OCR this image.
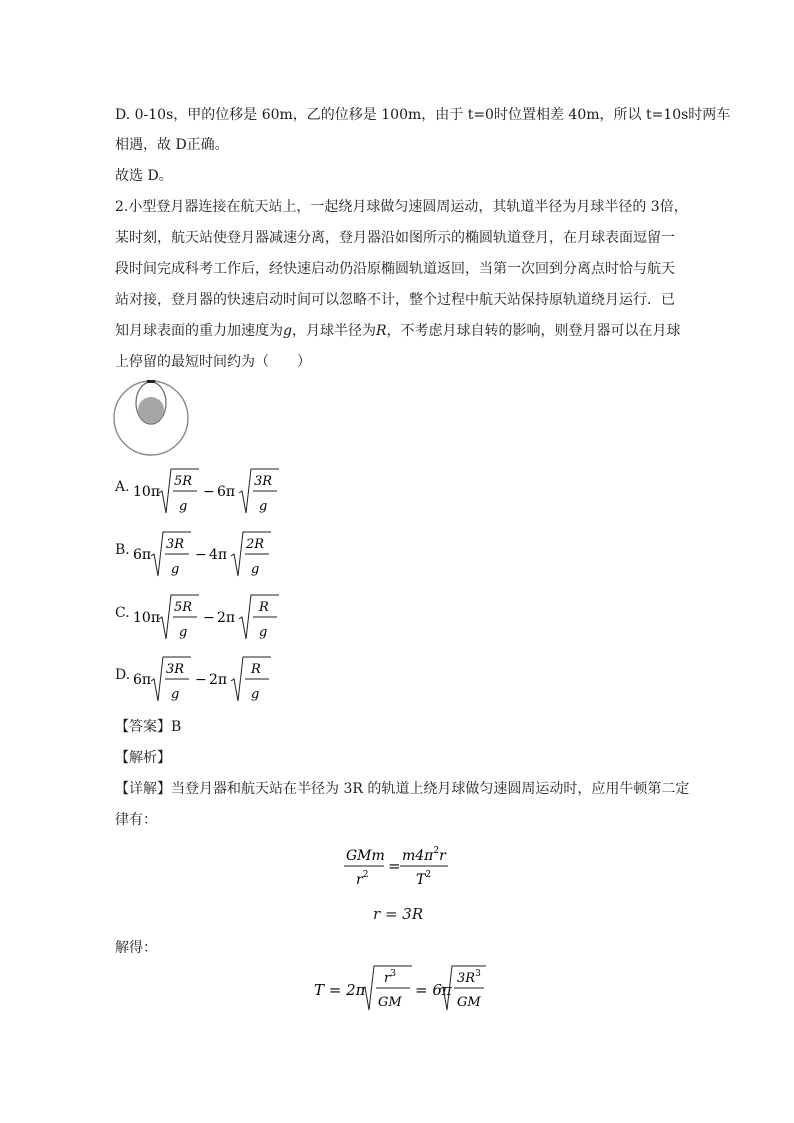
D. 0-10s，甲的位移是 60m，乙的位移是 100m，由于 t=0时位置相差 40m，所以 t=10s时两车
相遇，故 D正确。
故选 D。
2.小型登月器连接在航天站上，一起绕月球做匀速圆周运动，其轨道半径为月球半径的 3倍，
某时刻，航天站使登月器减速分离，登月器沿如图所示的椭圆轨道登月，在月球表面逗留一
段时间完成科考工作后，经快速启动仍沿原椭圆轨道返回，当第一次回到分离点时恰与航天
站对接，登月器的快速启动时间可以忽略不计，整个过程中航天站保持原轨道绕月运行．已
知月球表面的重力加速度为g，月球半径为R，不考虑月球自转的影响，则登月器可以在月球
上停留的最短时间约为（　　）
A. 10π
5R
g
− 6π
3R
g
B. 6π
3R
g
− 4π
2R
g
C. 10π
5R
g
− 2π
R
g
D. 6π
3R
g
− 2π
R
g
【答案】B
【解析】
【详解】当登月器和航天站在半径为 3R 的轨道上绕月球做匀速圆周运动时，应用牛顿第二定
律有：
GMm
$r^2$ =
$m4\pi^2r$
$T^2$
r = 3R
解得：
T = 2π
$r^3$
GM
= 6π
$3R^3$
GM
